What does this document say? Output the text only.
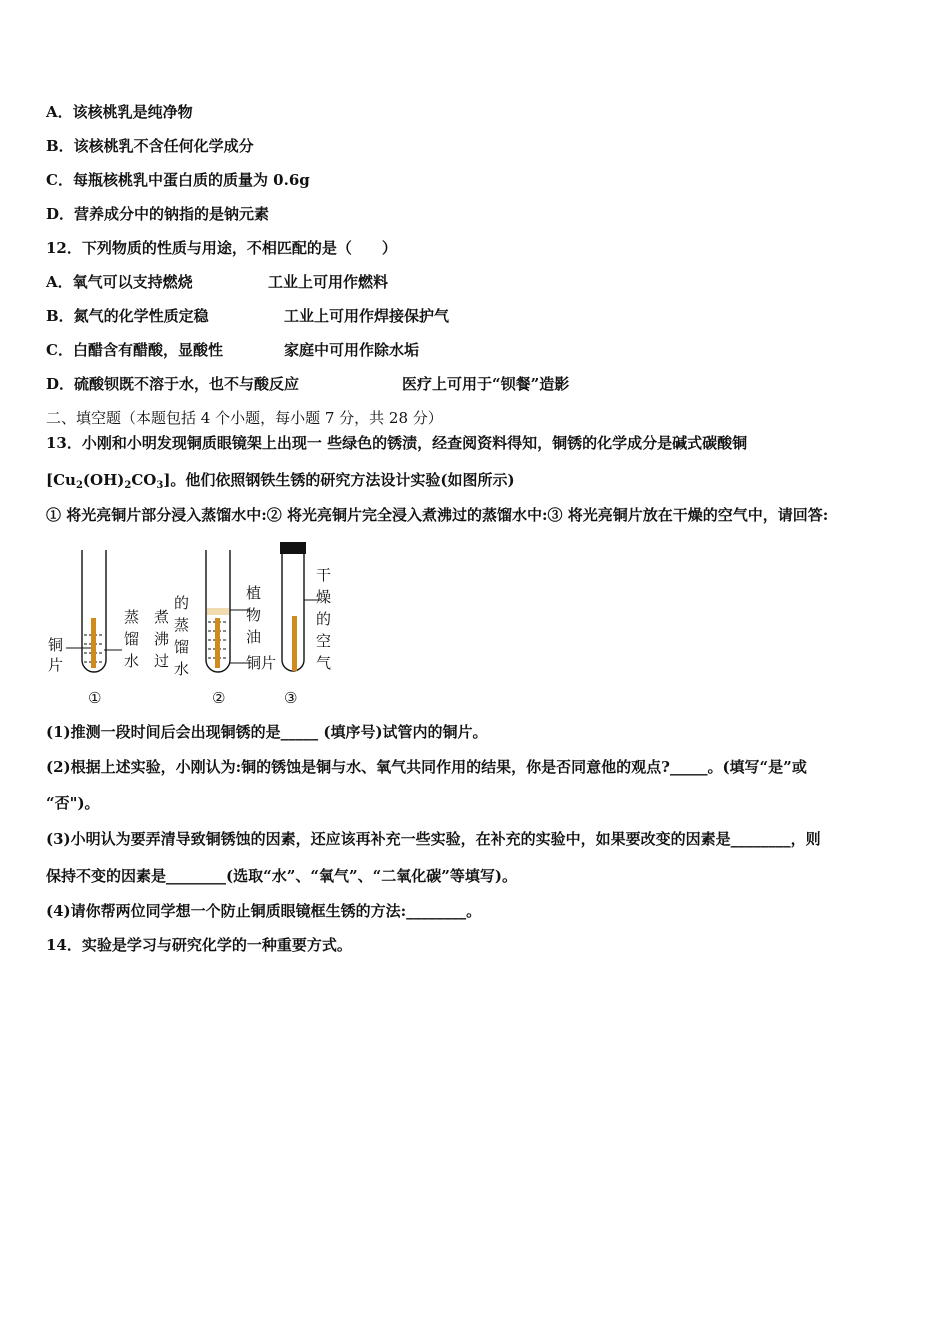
A．该核桃乳是纯净物
B．该核桃乳不含任何化学成分
C．每瓶核桃乳中蛋白质的质量为 0.6g
D．营养成分中的钠指的是钠元素
12．下列物质的性质与用途，不相匹配的是（　　）
A．氧气可以支持燃烧	工业上可用作燃料
B．氮气的化学性质定稳	工业上可用作焊接保护气
C．白醋含有醋酸，显酸性	家庭中可用作除水垢
D．硫酸钡既不溶于水，也不与酸反应	医疗上可用于“钡餐”造影
二、填空题（本题包括 4 个小题，每小题 7 分，共 28 分）
13．小刚和小明发现铜质眼镜架上出现一 些绿色的锈渍，经查阅资料得知，铜锈的化学成分是碱式碳酸铜
$[Cu_2(OH)_2CO_3]$。他们依照钢铁生锈的研究方法设计实验(如图所示)
① 将光亮铜片部分浸入蒸馏水中:② 将光亮铜片完全浸入煮沸过的蒸馏水中:③ 将光亮铜片放在干燥的空气中，请回答:
铜
片
蒸
馏
水
①
煮
沸
过
的
蒸
馏
水
植
物
油
铜片
②
干
燥
的
空
气
③
(1)推测一段时间后会出现铜锈的是_____ (填序号)试管内的铜片。
(2)根据上述实验，小刚认为:铜的锈蚀是铜与水、氧气共同作用的结果，你是否同意他的观点?_____。(填写“是”或
“否")。
(3)小明认为要弄清导致铜锈蚀的因素，还应该再补充一些实验，在补充的实验中，如果要改变的因素是________，则
保持不变的因素是________(选取“水”、“氧气”、“二氧化碳”等填写)。
(4)请你帮两位同学想一个防止铜质眼镜框生锈的方法:________。
14．实验是学习与研究化学的一种重要方式。
